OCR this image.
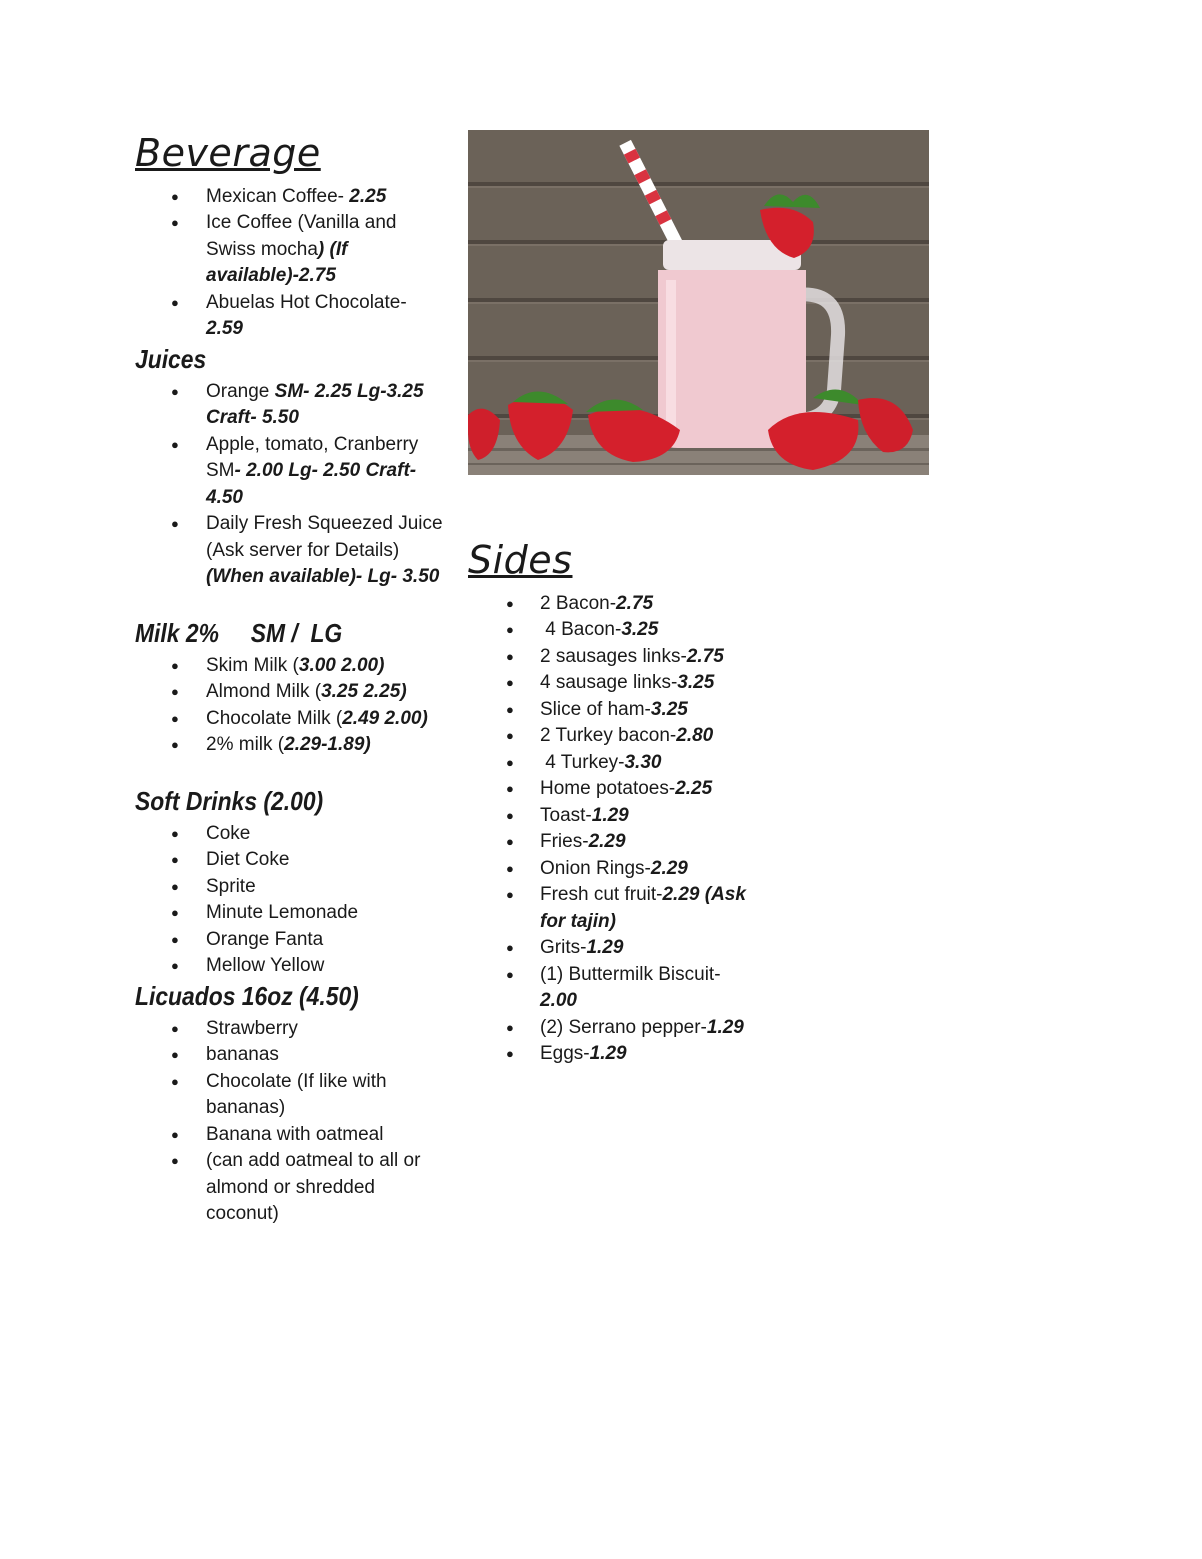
Beverage
● Mexican Coffee- 2.25
● Ice Coffee (Vanilla and Swiss mocha) (If available)-2.75
● Abuelas Hot Chocolate- 2.59
Juices
● Orange SM- 2.25 Lg-3.25 Craft- 5.50
● Apple, tomato, Cranberry SM- 2.00 Lg- 2.50 Craft- 4.50
● Daily Fresh Squeezed Juice (Ask server for Details) (When available)- Lg- 3.50
Milk 2%     SM /  LG
● Skim Milk (3.00 2.00)
● Almond Milk (3.25 2.25)
● Chocolate Milk (2.49 2.00)
● 2% milk (2.29-1.89)
Soft Drinks (2.00)
● Coke
● Diet Coke
● Sprite
● Minute Lemonade
● Orange Fanta
● Mellow Yellow
Licuados 16oz (4.50)
● Strawberry
● bananas
● Chocolate (If like with bananas)
● Banana with oatmeal
● (can add oatmeal to all or almond or shredded coconut)
Sides
● 2 Bacon-2.75
●  4 Bacon-3.25
● 2 sausages links-2.75
● 4 sausage links-3.25
● Slice of ham-3.25
● 2 Turkey bacon-2.80
●  4 Turkey-3.30
● Home potatoes-2.25
● Toast-1.29
● Fries-2.29
● Onion Rings-2.29
● Fresh cut fruit-2.29 (Ask for tajin)
● Grits-1.29
● (1) Buttermilk Biscuit-2.00
● (2) Serrano pepper-1.29
● Eggs-1.29
